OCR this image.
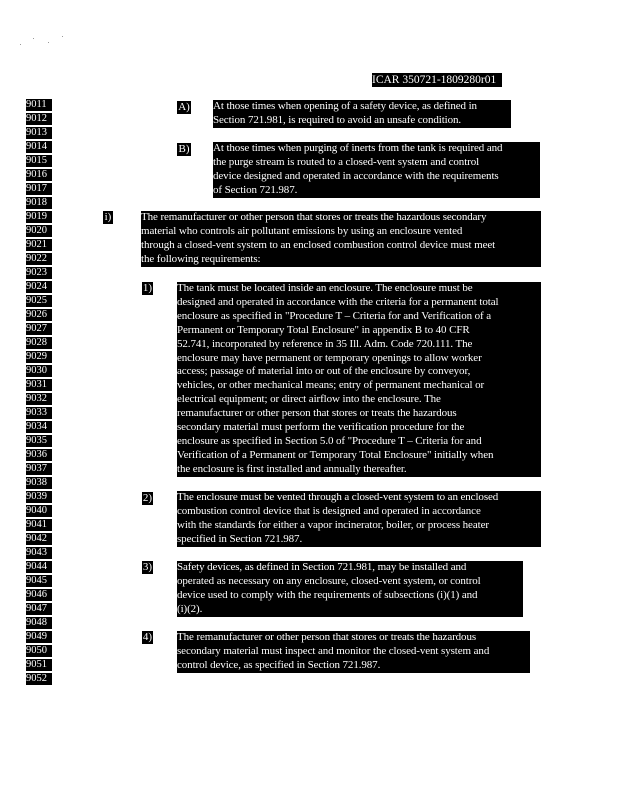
ICAR 350721-1809280r01
9011
9012
9013
9014
9015
9016
9017
9018
9019
9020
9021
9022
9023
9024
9025
9026
9027
9028
9029
9030
9031
9032
9033
9034
9035
9036
9037
9038
9039
9040
9041
9042
9043
9044
9045
9046
9047
9048
9049
9050
9051
9052
A) At those times when opening of a safety device, as defined in
Section 721.981, is required to avoid an unsafe condition.
B) At those times when purging of inerts from the tank is required and
the purge stream is routed to a closed-vent system and control
device designed and operated in accordance with the requirements
of Section 721.987.
i)	The remanufacturer or other person that stores or treats the hazardous secondary
material who controls air pollutant emissions by using an enclosure vented
through a closed-vent system to an enclosed combustion control device must meet
the following requirements:
1) The tank must be located inside an enclosure. The enclosure must be
designed and operated in accordance with the criteria for a permanent total
enclosure as specified in "Procedure T – Criteria for and Verification of a
Permanent or Temporary Total Enclosure" in appendix B to 40 CFR
52.741, incorporated by reference in 35 Ill. Adm. Code 720.111. The
enclosure may have permanent or temporary openings to allow worker
access; passage of material into or out of the enclosure by conveyor,
vehicles, or other mechanical means; entry of permanent mechanical or
electrical equipment; or direct airflow into the enclosure. The
remanufacturer or other person that stores or treats the hazardous
secondary material must perform the verification procedure for the
enclosure as specified in Section 5.0 of "Procedure T – Criteria for and
Verification of a Permanent or Temporary Total Enclosure" initially when
the enclosure is first installed and annually thereafter.
2) The enclosure must be vented through a closed-vent system to an enclosed
combustion control device that is designed and operated in accordance
with the standards for either a vapor incinerator, boiler, or process heater
specified in Section 721.987.
3) Safety devices, as defined in Section 721.981, may be installed and
operated as necessary on any enclosure, closed-vent system, or control
device used to comply with the requirements of subsections (i)(1) and
(i)(2).
4) The remanufacturer or other person that stores or treats the hazardous
secondary material must inspect and monitor the closed-vent system and
control device, as specified in Section 721.987.
